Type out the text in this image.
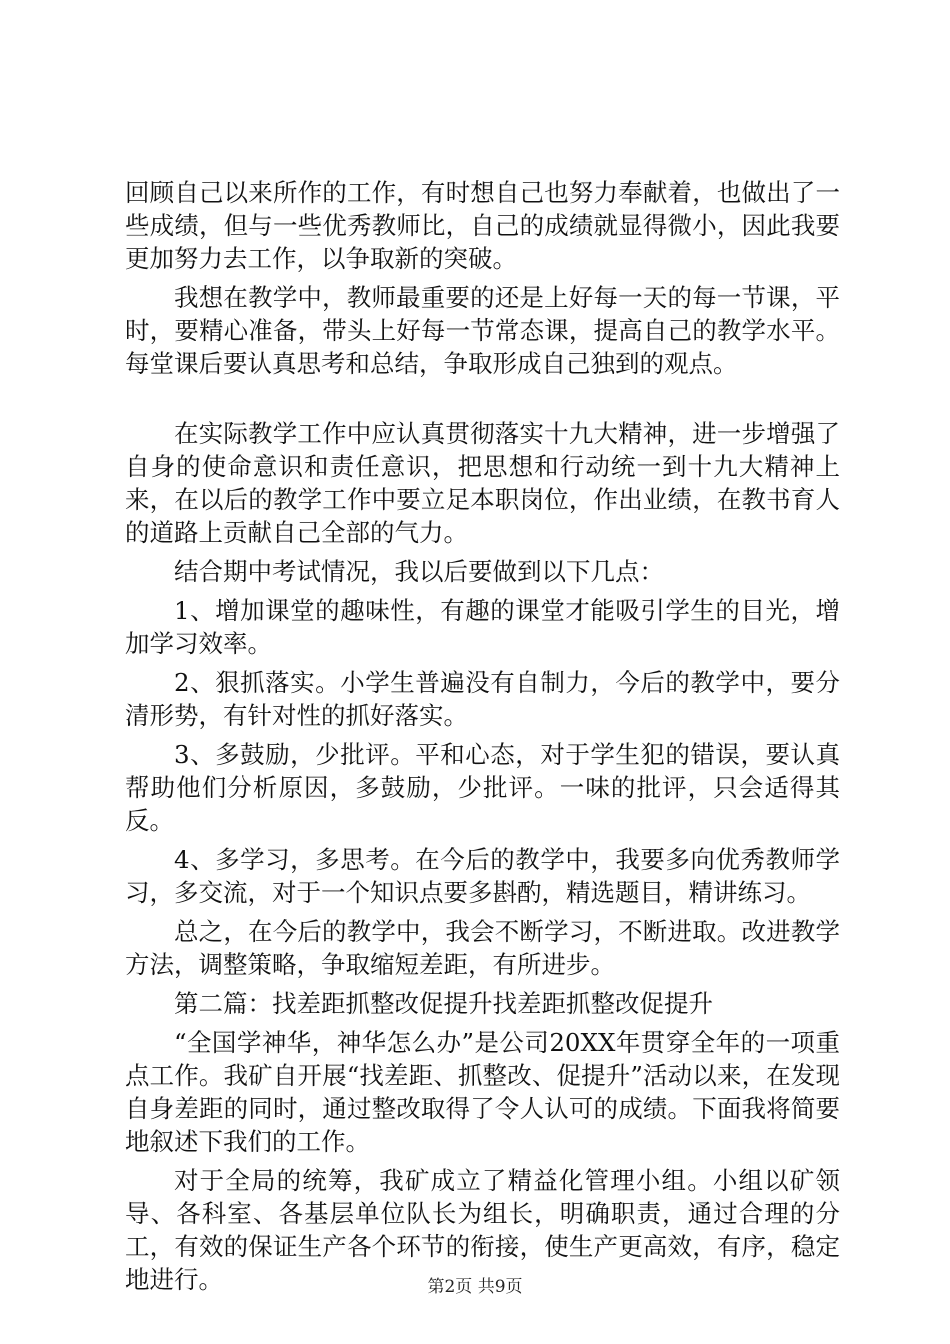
回顾自己以来所作的工作，有时想自己也努力奉献着，也做出了一些成绩，但与一些优秀教师比，自己的成绩就显得微小，因此我要更加努力去工作，以争取新的突破。

我想在教学中，教师最重要的还是上好每一天的每一节课，平时，要精心准备，带头上好每一节常态课，提高自己的教学水平。每堂课后要认真思考和总结，争取形成自己独到的观点。

在实际教学工作中应认真贯彻落实十九大精神，进一步增强了自身的使命意识和责任意识，把思想和行动统一到十九大精神上来，在以后的教学工作中要立足本职岗位，作出业绩，在教书育人的道路上贡献自己全部的气力。

结合期中考试情况，我以后要做到以下几点：

1、增加课堂的趣味性，有趣的课堂才能吸引学生的目光，增加学习效率。

2、狠抓落实。小学生普遍没有自制力，今后的教学中，要分清形势，有针对性的抓好落实。

3、多鼓励，少批评。平和心态，对于学生犯的错误，要认真帮助他们分析原因，多鼓励，少批评。一味的批评，只会适得其反。

4、多学习，多思考。在今后的教学中，我要多向优秀教师学习，多交流，对于一个知识点要多斟酌，精选题目，精讲练习。

总之，在今后的教学中，我会不断学习，不断进取。改进教学方法，调整策略，争取缩短差距，有所进步。

第二篇：找差距抓整改促提升找差距抓整改促提升

“全国学神华，神华怎么办”是公司20XX年贯穿全年的一项重点工作。我矿自开展“找差距、抓整改、促提升”活动以来，在发现自身差距的同时，通过整改取得了令人认可的成绩。下面我将简要地叙述下我们的工作。

对于全局的统筹，我矿成立了精益化管理小组。小组以矿领导、各科室、各基层单位队长为组长，明确职责，通过合理的分工，有效的保证生产各个环节的衔接，使生产更高效，有序，稳定地进行。	第2页 共9页
